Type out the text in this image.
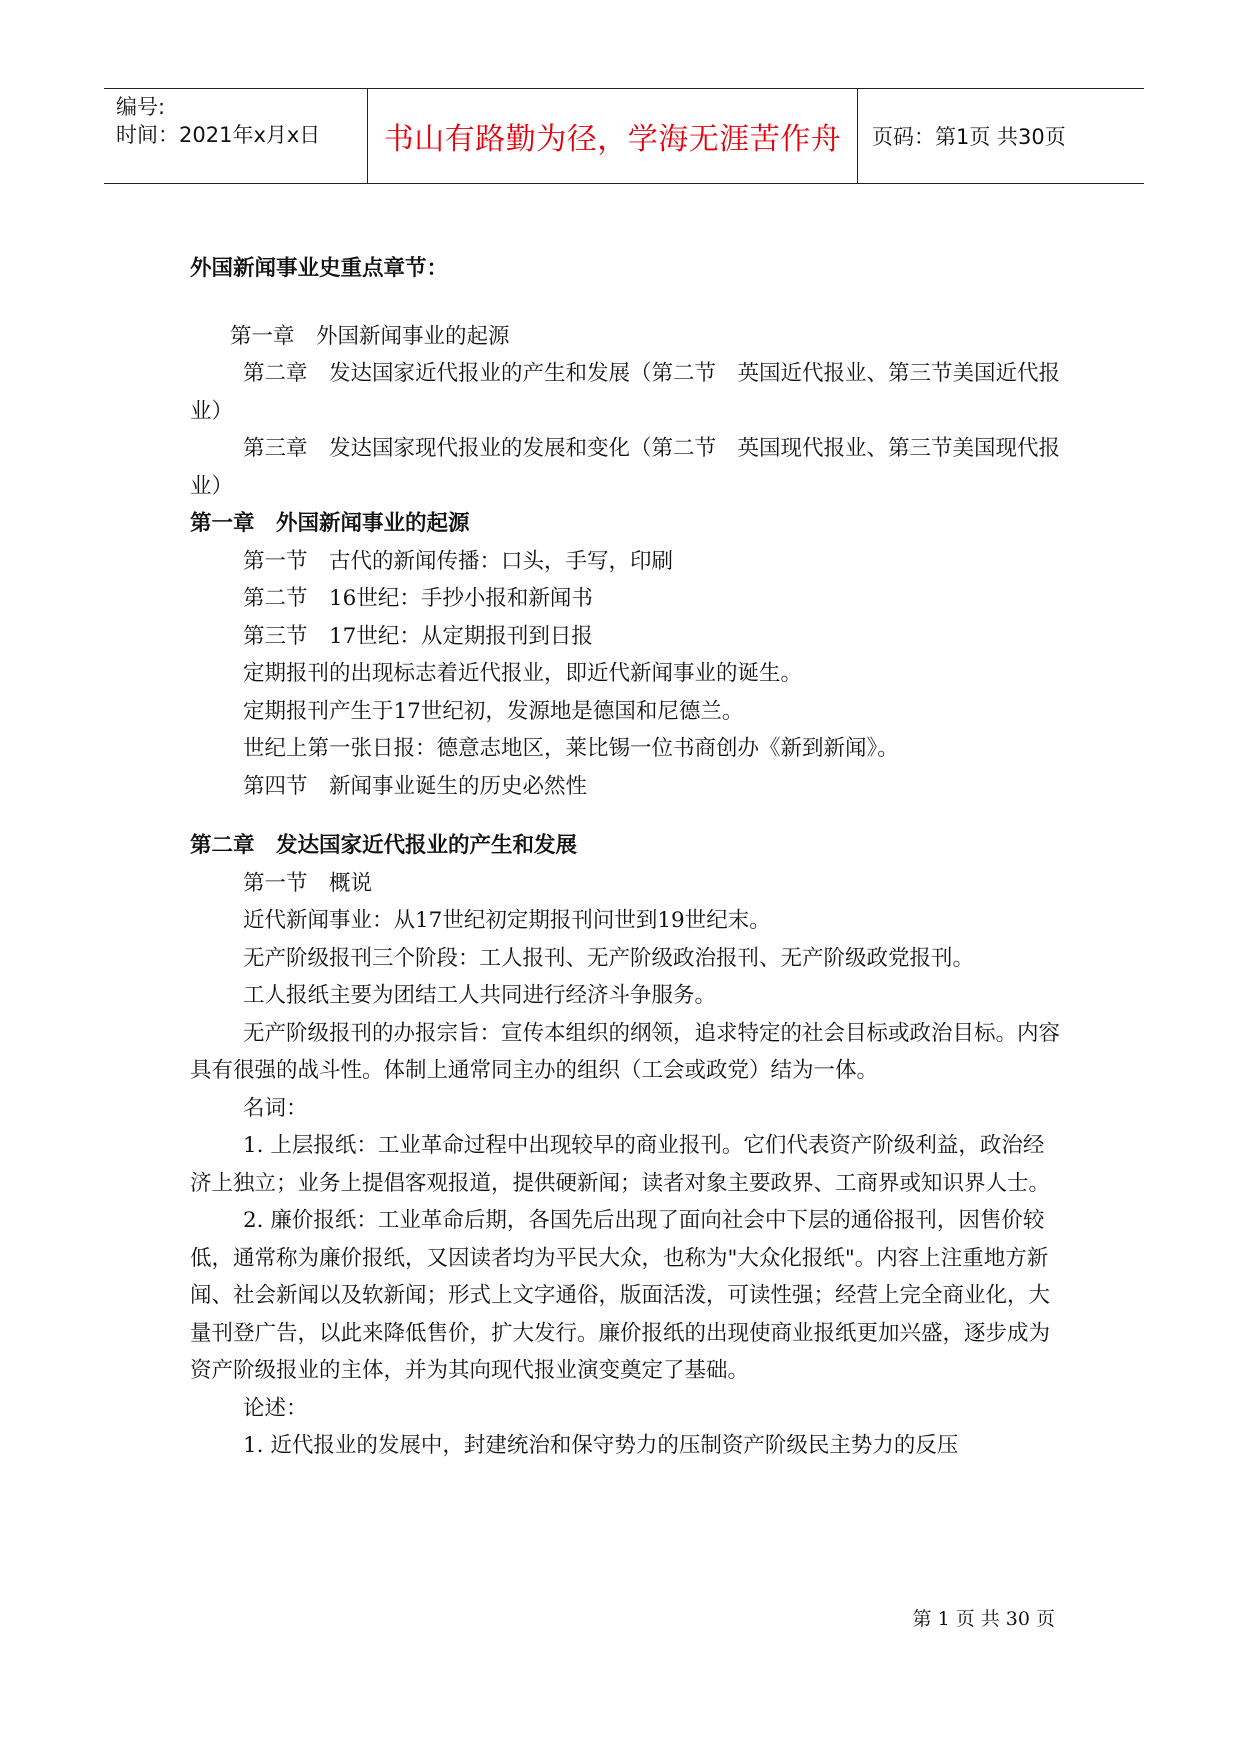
编号:
时间：2021年x月x日	书山有路勤为径，学海无涯苦作舟 页码：第1页 共30页

外国新闻事业史重点章节：

第一章　外国新闻事业的起源

第二章　发达国家近代报业的产生和发展（第二节　英国近代报业、第三节美国近代报业）

第三章　发达国家现代报业的发展和变化（第二节　英国现代报业、第三节美国现代报业）

第一章　外国新闻事业的起源

第一节　古代的新闻传播：口头，手写，印刷

第二节　16世纪：手抄小报和新闻书

第三节　17世纪：从定期报刊到日报

定期报刊的出现标志着近代报业，即近代新闻事业的诞生。

定期报刊产生于17世纪初，发源地是德国和尼德兰。

世纪上第一张日报：德意志地区，莱比锡一位书商创办《新到新闻》。

第四节　新闻事业诞生的历史必然性

第二章　发达国家近代报业的产生和发展

第一节　概说

近代新闻事业：从17世纪初定期报刊问世到19世纪末。

无产阶级报刊三个阶段：工人报刊、无产阶级政治报刊、无产阶级政党报刊。

工人报纸主要为团结工人共同进行经济斗争服务。

无产阶级报刊的办报宗旨：宣传本组织的纲领，追求特定的社会目标或政治目标。内容具有很强的战斗性。体制上通常同主办的组织（工会或政党）结为一体。

名词：

1. 上层报纸：工业革命过程中出现较早的商业报刊。它们代表资产阶级利益，政治经济上独立；业务上提倡客观报道，提供硬新闻；读者对象主要政界、工商界或知识界人士。

2. 廉价报纸：工业革命后期，各国先后出现了面向社会中下层的通俗报刊，因售价较低，通常称为廉价报纸，又因读者均为平民大众，也称为"大众化报纸"。内容上注重地方新闻、社会新闻以及软新闻；形式上文字通俗，版面活泼，可读性强；经营上完全商业化，大量刊登广告，以此来降低售价，扩大发行。廉价报纸的出现使商业报纸更加兴盛，逐步成为资产阶级报业的主体，并为其向现代报业演变奠定了基础。

论述：

1. 近代报业的发展中，封建统治和保守势力的压制资产阶级民主势力的反压

第 1 页 共 30 页
